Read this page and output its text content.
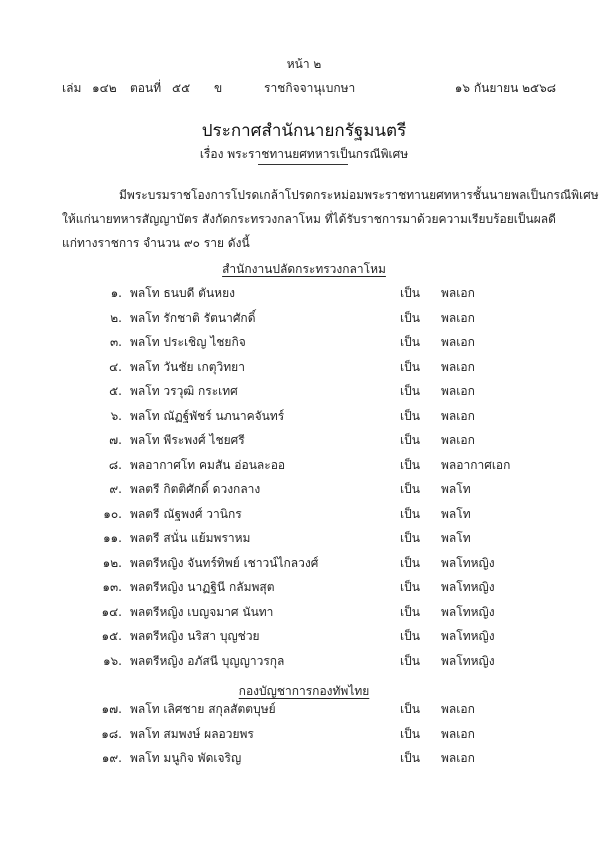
หน้า ๒
เล่ม ๑๔๒ ตอนที่ ๕๕ ข	ราชกิจจานุเบกษา	๑๖ กันยายน ๒๕๖๘
ประกาศสำนักนายกรัฐมนตรี
เรื่อง พระราชทานยศทหารเป็นกรณีพิเศษ
มีพระบรมราชโองการโปรดเกล้าโปรดกระหม่อมพระราชทานยศทหารชั้นนายพลเป็นกรณีพิเศษ
ให้แก่นายทหารสัญญาบัตร สังกัดกระทรวงกลาโหม ที่ได้รับราชการมาด้วยความเรียบร้อยเป็นผลดี
แก่ทางราชการ จำนวน ๙๐ ราย ดังนี้
สำนักงานปลัดกระทรวงกลาโหม
๑. พลโท ธนบดี ตันหยง	เป็น พลเอก
๒. พลโท รักชาติ รัตนาศักดิ์	เป็น พลเอก
๓. พลโท ประเชิญ ไชยกิจ	เป็น พลเอก
๔. พลโท วันชัย เกตุวิทยา	เป็น พลเอก
๕. พลโท วรวุฒิ กระเทศ	เป็น พลเอก
๖. พลโท ณัฏฐ์พัชร์ นภนาคจันทร์	เป็น พลเอก
๗. พลโท พีระพงศ์ ไชยศรี	เป็น พลเอก
๘. พลอากาศโท คมสัน อ่อนละออ	เป็น พลอากาศเอก
๙. พลตรี กิตติศักดิ์ ดวงกลาง	เป็น พลโท
๑๐. พลตรี ณัฐพงศ์ วานิกร	เป็น พลโท
๑๑. พลตรี สนั่น แย้มพราหม	เป็น พลโท
๑๒. พลตรีหญิง จันทร์ทิพย์ เชาวน์ไกลวงศ์	เป็น พลโทหญิง
๑๓. พลตรีหญิง นาฏฐินี กลัมพสุต	เป็น พลโทหญิง
๑๔. พลตรีหญิง เบญจมาศ นันทา	เป็น พลโทหญิง
๑๕. พลตรีหญิง นริสา บุญช่วย	เป็น พลโทหญิง
๑๖. พลตรีหญิง อภัสนี บุญญาวรกุล	เป็น พลโทหญิง
กองบัญชาการกองทัพไทย
๑๗. พลโท เลิศชาย สกุลสัตตบุษย์	เป็น พลเอก
๑๘. พลโท สมพงษ์ ผลอวยพร	เป็น พลเอก
๑๙. พลโท มนูกิจ พัดเจริญ	เป็น พลเอก
